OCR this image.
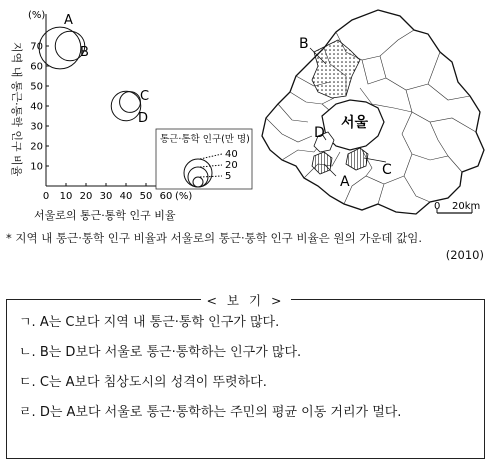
(%)
지역 내 통근·통학 인구 비율 10
20
30
40
50
60
70
0 10 20 30 40 50 60 (%)
서울로의 통근·통학 인구 비율
A
B
C
D
통근·통학 인구(만 명)
40
20
5
B
서울
D
C
A
0 20km
* 지역 내 통근·통학 인구 비율과 서울로의 통근·통학 인구 비율은 원의 가운데 값임.
(2010)
< 보 기 >
ㄱ. A는 C보다 지역 내 통근·통학 인구가 많다.
ㄴ. B는 D보다 서울로 통근·통학하는 인구가 많다.
ㄷ. C는 A보다 침상도시의 성격이 뚜렷하다.
ㄹ. D는 A보다 서울로 통근·통학하는 주민의 평균 이동 거리가 멀다.
